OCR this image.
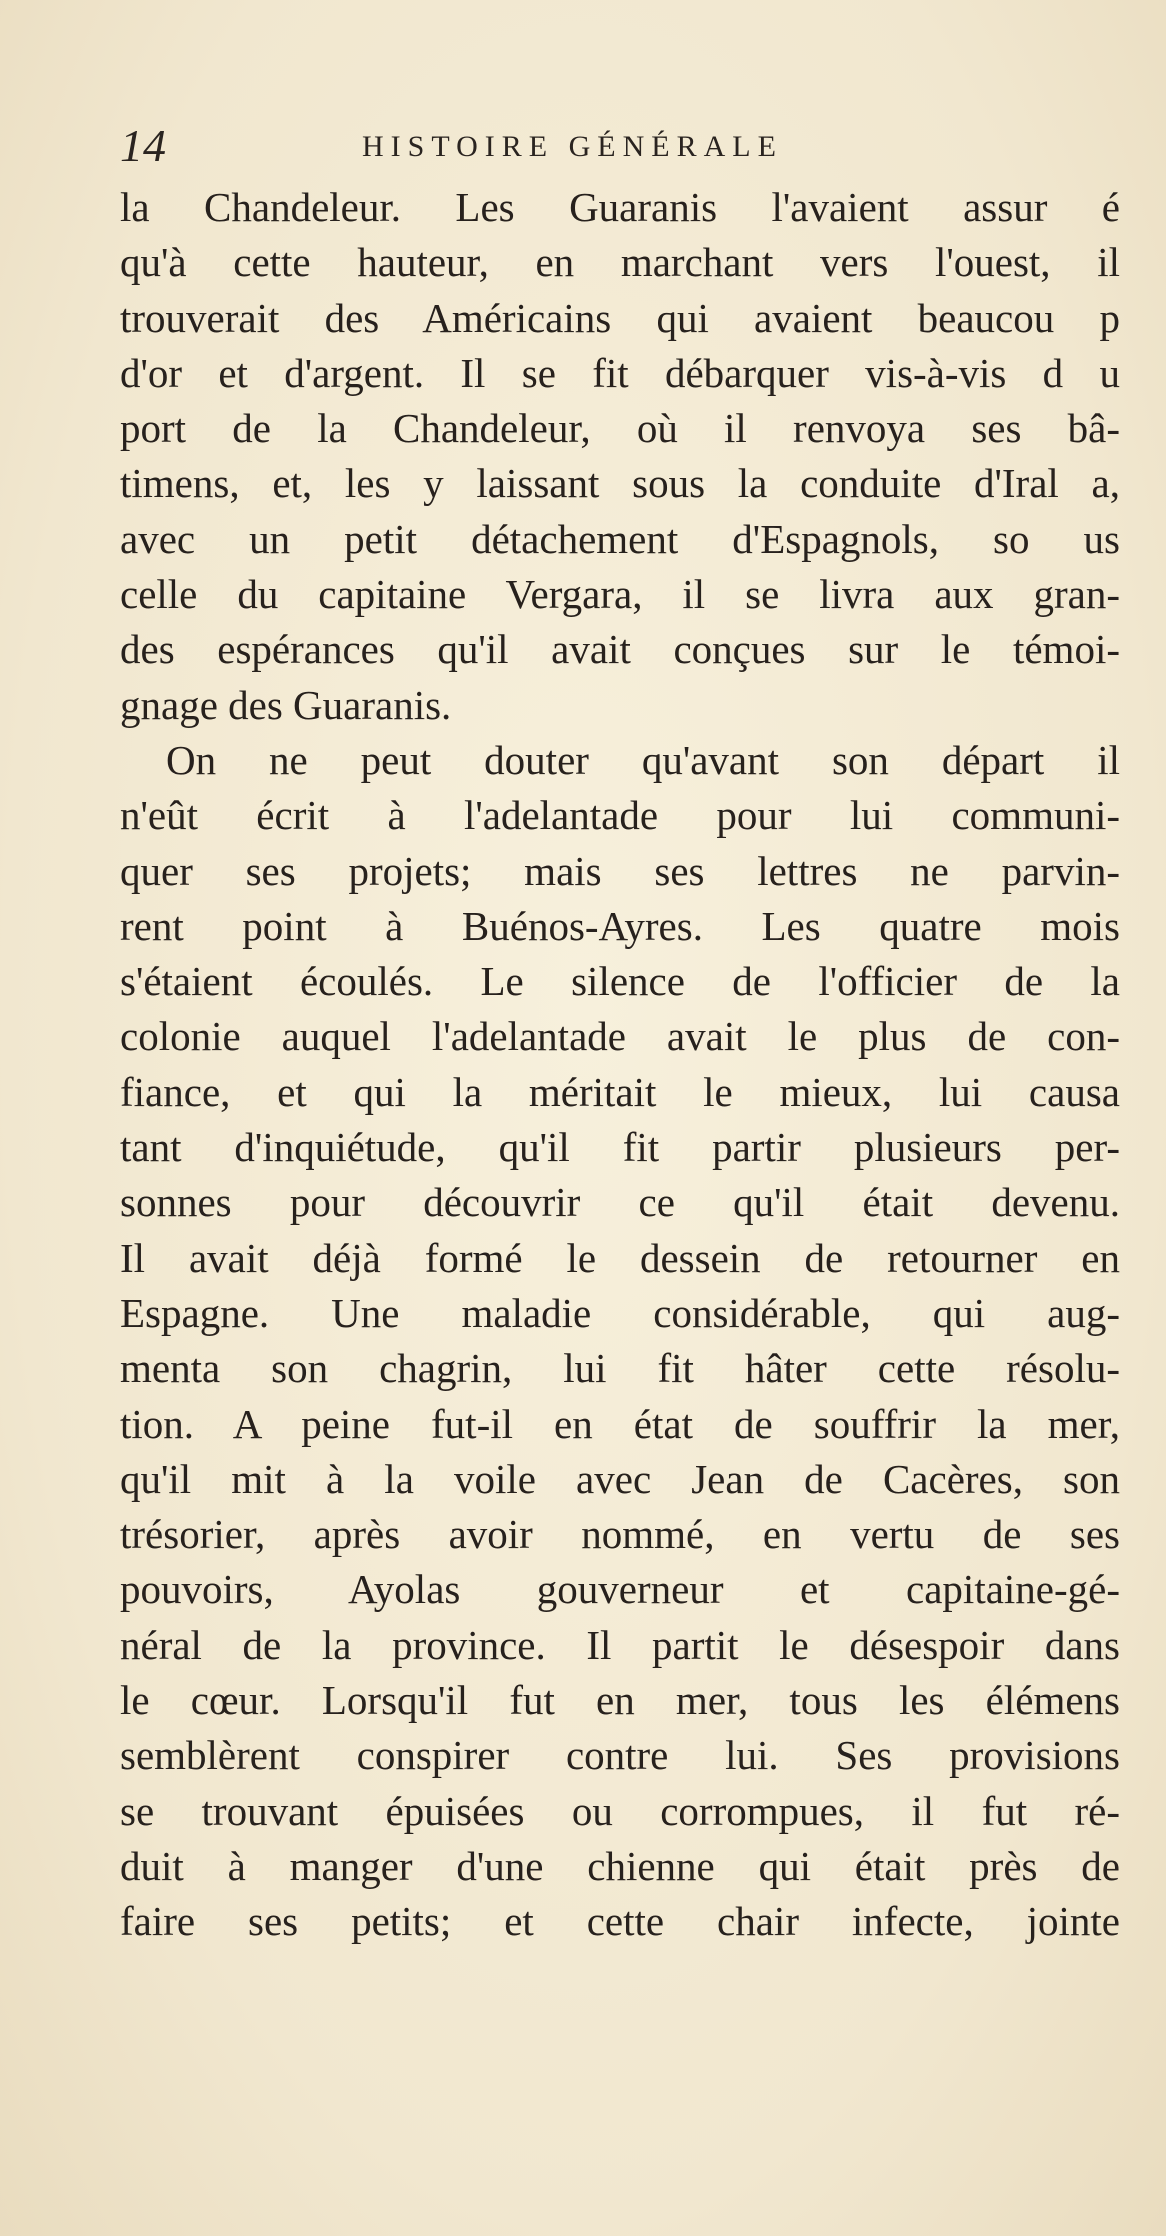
14	HISTOIRE GÉNÉRALE
la Chandeleur. Les Guaranis l'avaient assur é
qu'à cette hauteur, en marchant vers l'ouest, il
trouverait des Américains qui avaient beaucou p
d'or et d'argent. Il se fit débarquer vis-à-vis d u
port de la Chandeleur, où il renvoya ses bâ-
timens, et, les y laissant sous la conduite d'Iral a,
avec un petit détachement d'Espagnols, so us
celle du capitaine Vergara, il se livra aux gran-
des espérances qu'il avait conçues sur le témoi-
gnage des Guaranis.
On ne peut douter qu'avant son départ il
n'eût écrit à l'adelantade pour lui communi-
quer ses projets; mais ses lettres ne parvin-
rent point à Buénos-Ayres. Les quatre mois
s'étaient écoulés. Le silence de l'officier de la
colonie auquel l'adelantade avait le plus de con-
fiance, et qui la méritait le mieux, lui causa
tant d'inquiétude, qu'il fit partir plusieurs per-
sonnes pour découvrir ce qu'il était devenu.
Il avait déjà formé le dessein de retourner en
Espagne. Une maladie considérable, qui aug-
menta son chagrin, lui fit hâter cette résolu-
tion. A peine fut-il en état de souffrir la mer,
qu'il mit à la voile avec Jean de Cacères, son
trésorier, après avoir nommé, en vertu de ses
pouvoirs, Ayolas gouverneur et capitaine-gé-
néral de la province. Il partit le désespoir dans
le cœur. Lorsqu'il fut en mer, tous les élémens
semblèrent conspirer contre lui. Ses provisions
se trouvant épuisées ou corrompues, il fut ré-
duit à manger d'une chienne qui était près de
faire ses petits; et cette chair infecte, jointe
